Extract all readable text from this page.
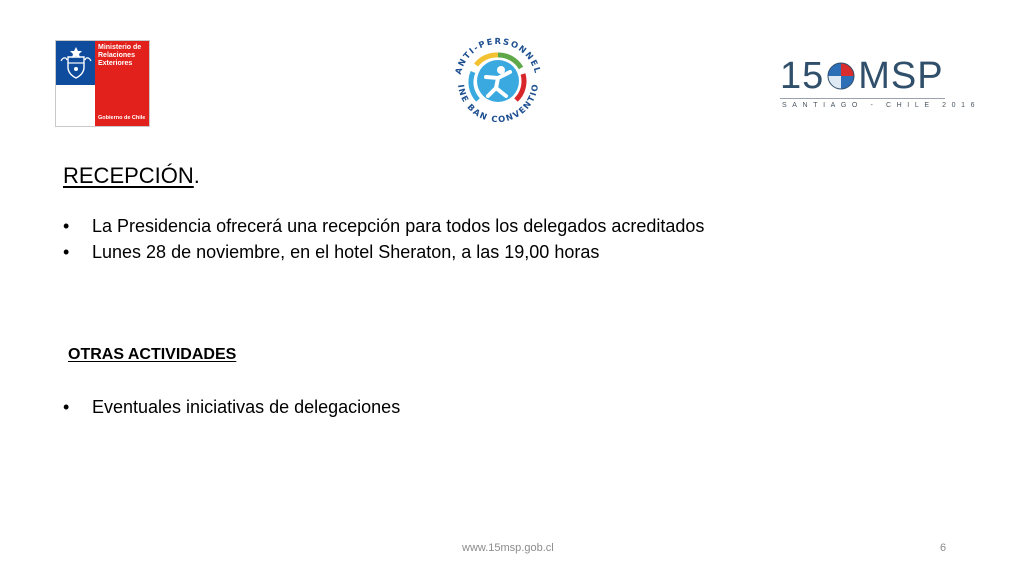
Ministerio de Relaciones Exteriores
Gobierno de Chile
ANTI-PERSONNEL
INE BAN CONVENTIO	15 MSP
SANTIAGO - CHILE 2016
RECEPCIÓN.
• La Presidencia ofrecerá una recepción para todos los delegados acreditados
• Lunes 28 de noviembre, en el hotel Sheraton, a las 19,00 horas
OTRAS ACTIVIDADES
• Eventuales iniciativas de delegaciones
www.15msp.gob.cl	6
